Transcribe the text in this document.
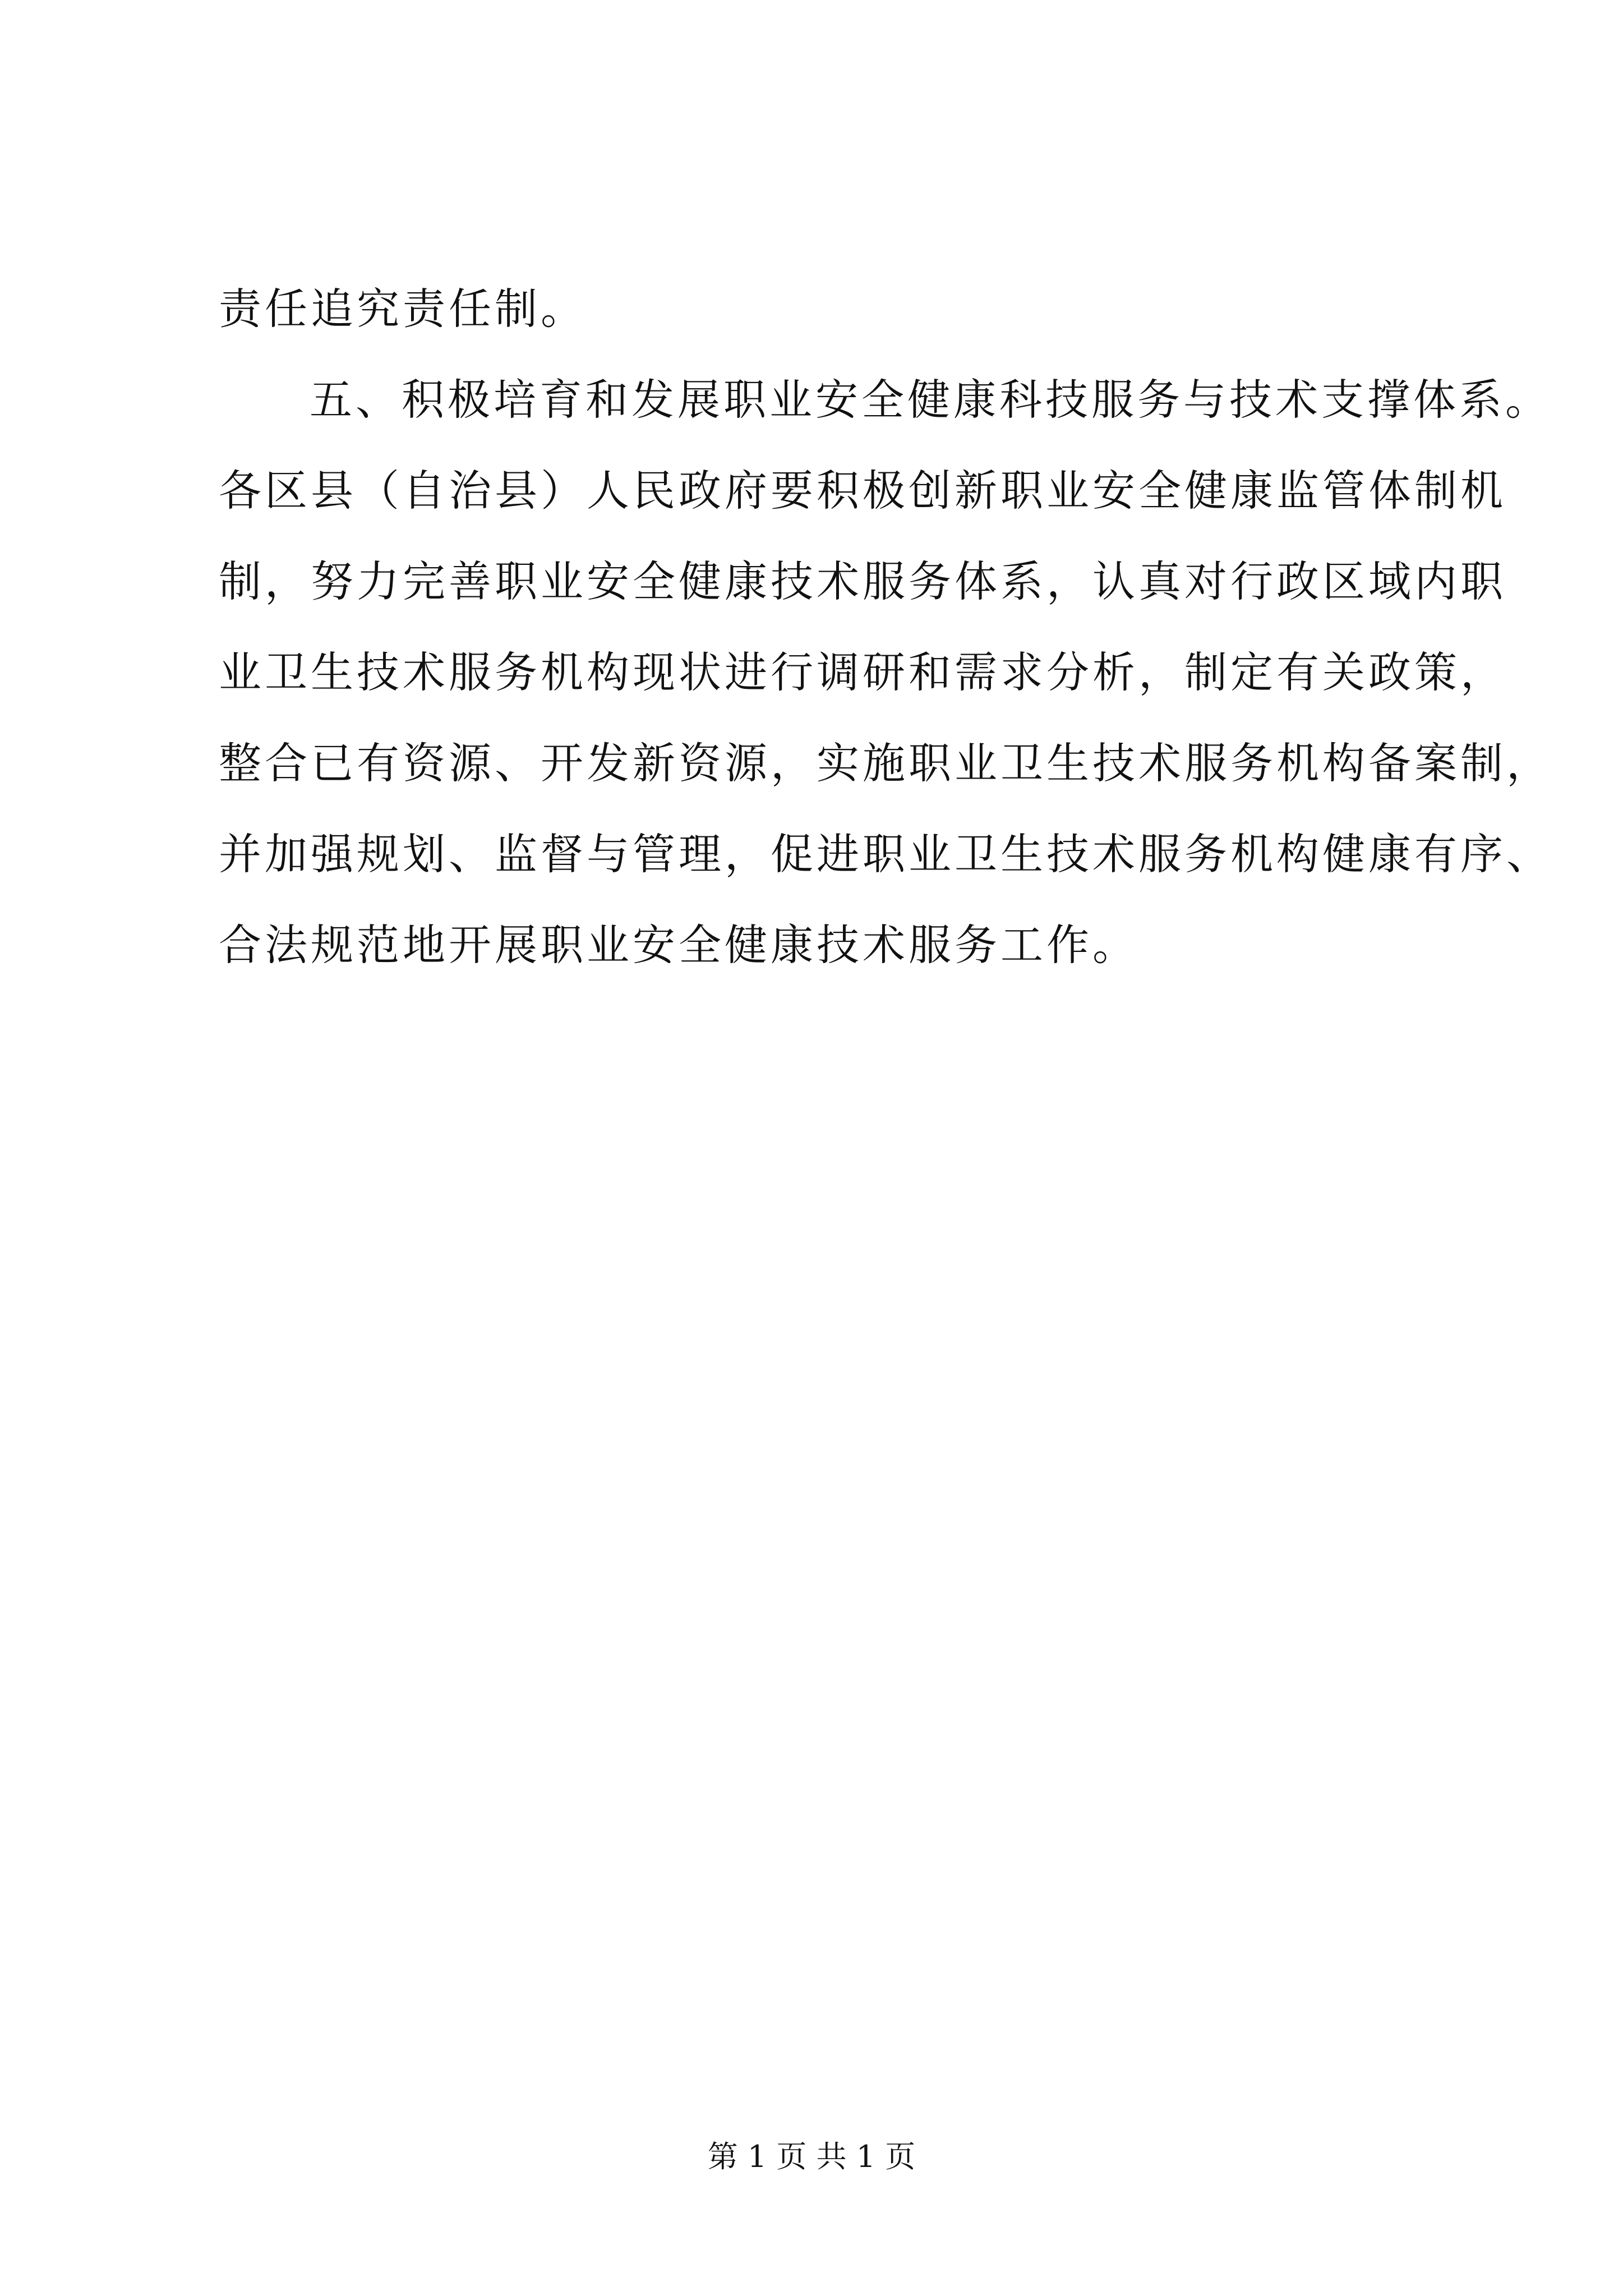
责任追究责任制。
五、积极培育和发展职业安全健康科技服务与技术支撑体系。
各区县（自治县）人民政府要积极创新职业安全健康监管体制机
制，努力完善职业安全健康技术服务体系，认真对行政区域内职
业卫生技术服务机构现状进行调研和需求分析，制定有关政策，
整合已有资源、开发新资源，实施职业卫生技术服务机构备案制，
并加强规划、监督与管理，促进职业卫生技术服务机构健康有序、
合法规范地开展职业安全健康技术服务工作。
第 1 页 共 1 页
